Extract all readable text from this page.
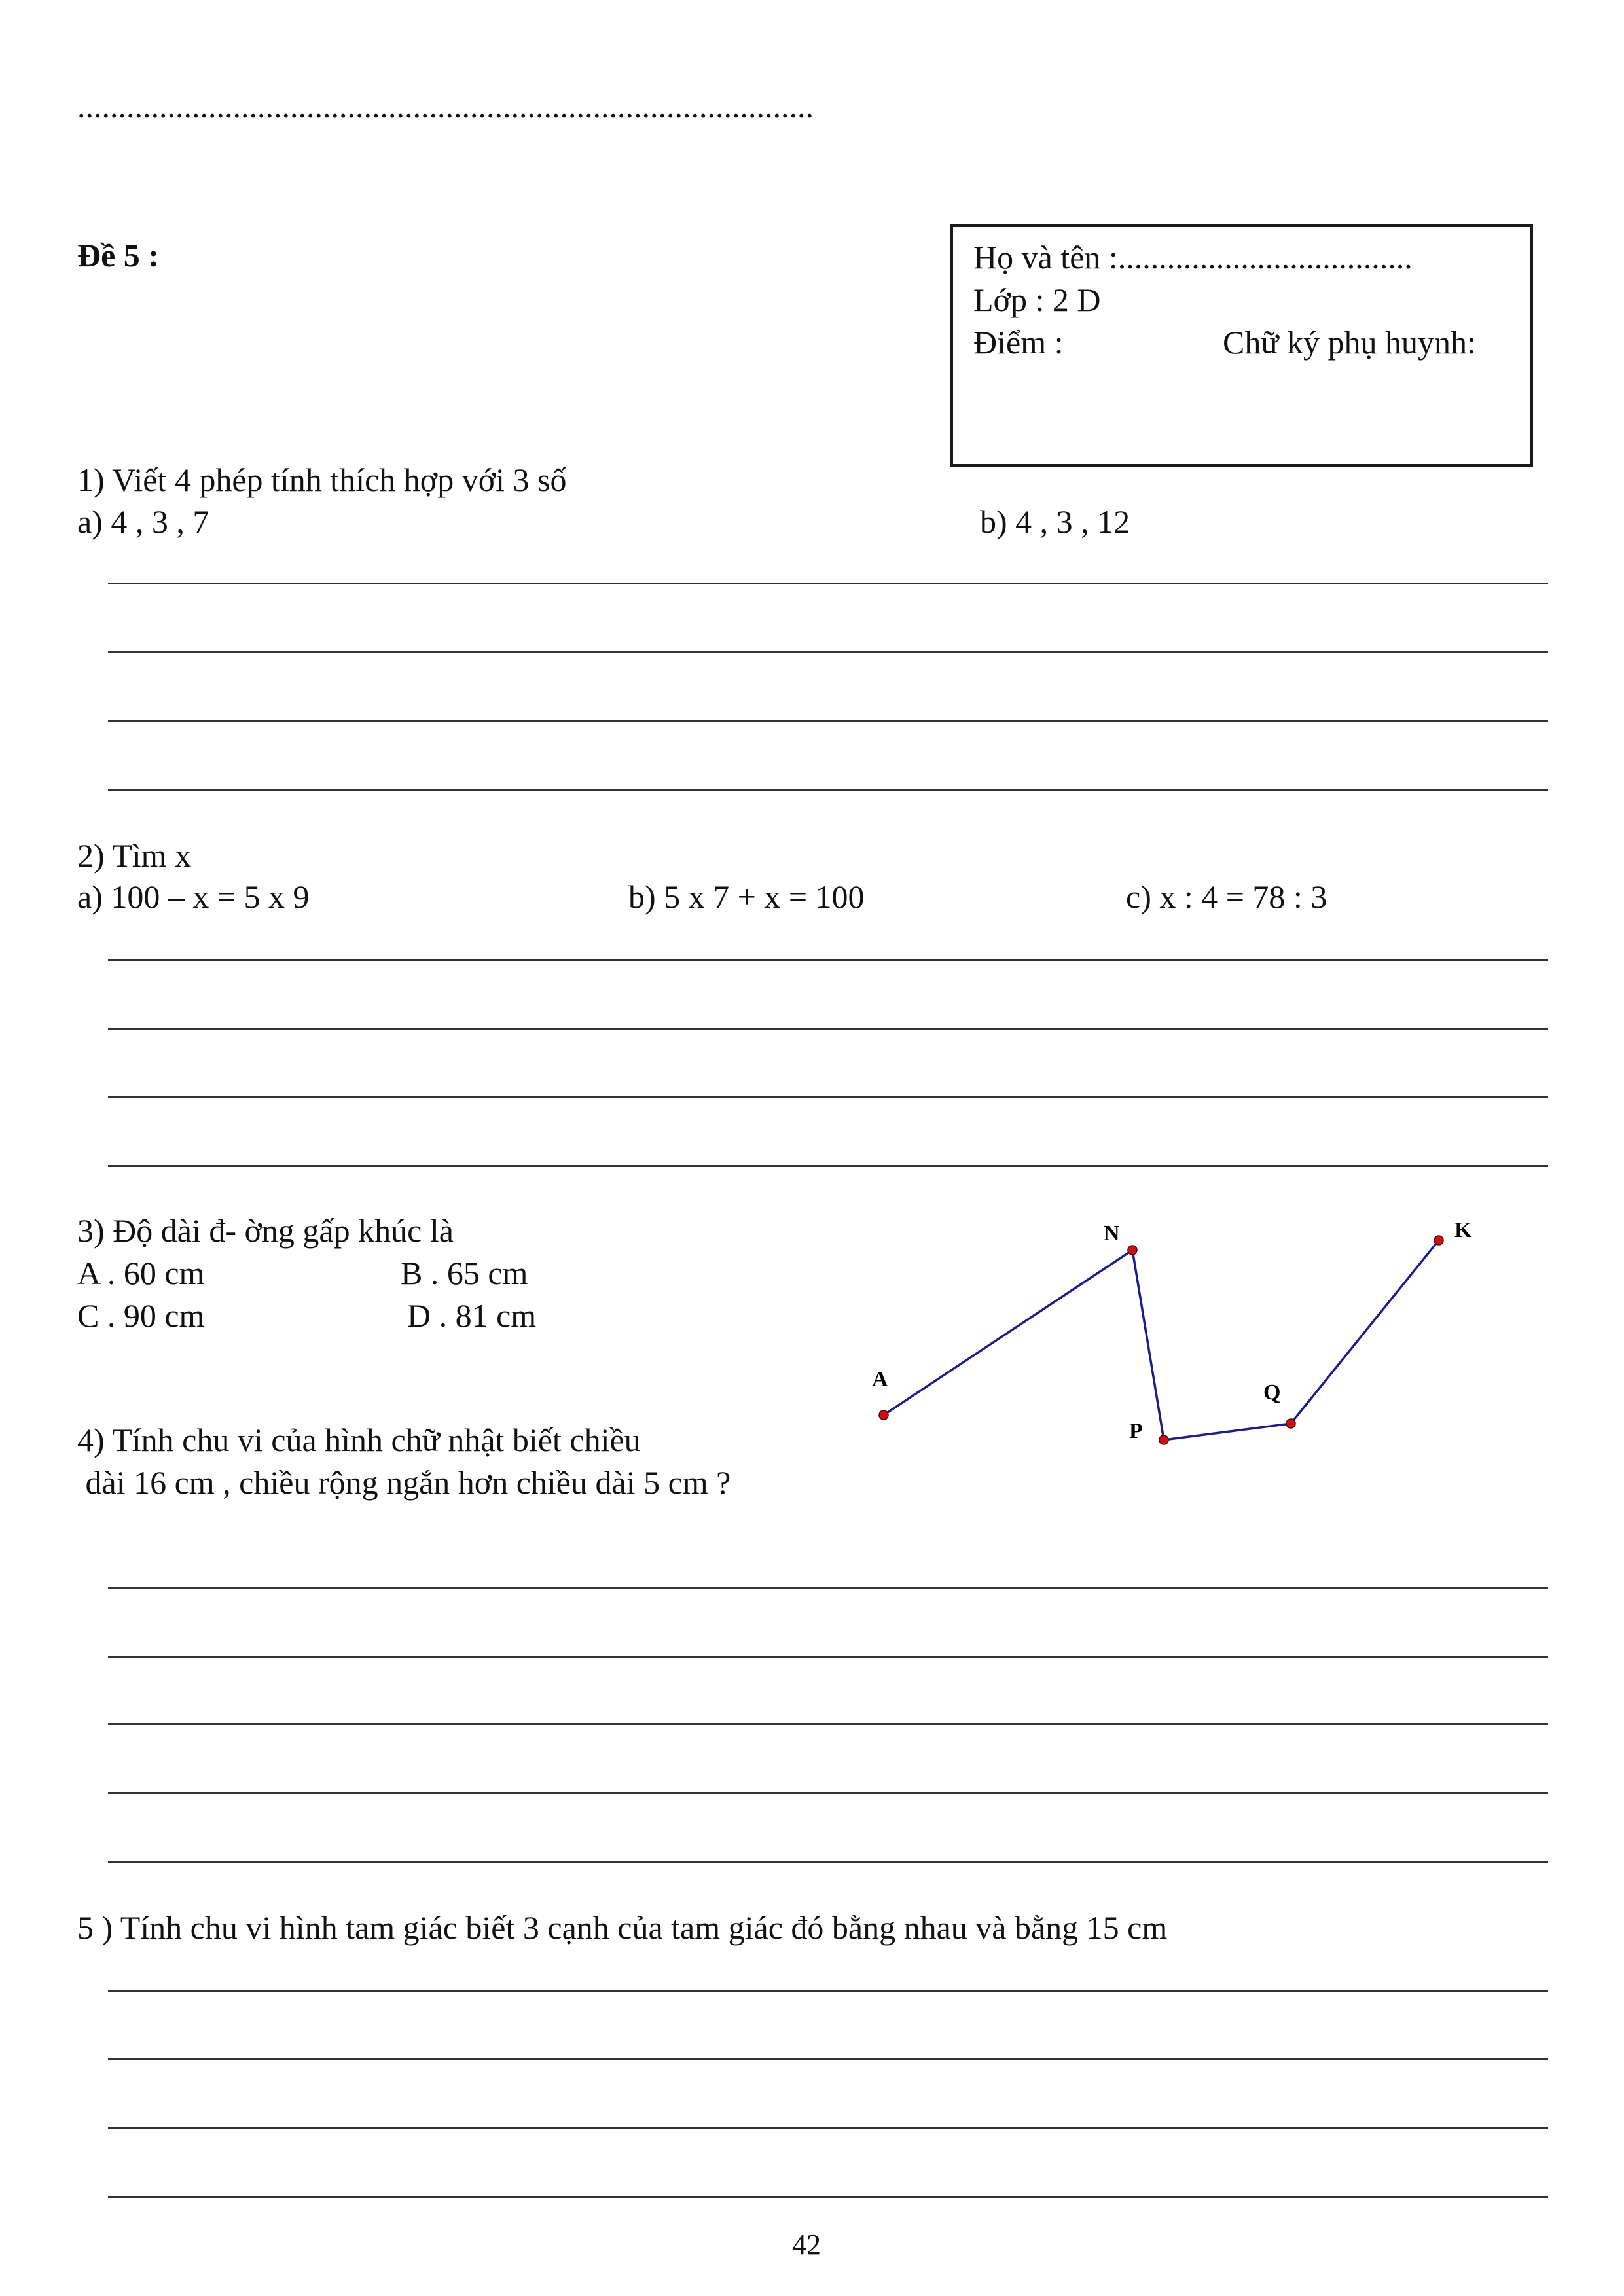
..........................................................................................
Đề 5 :	Họ và tên :....................................
Lớp : 2 D
Điểm :	Chữ ký phụ huynh:
1) Viết 4 phép tính thích hợp với 3 số
a) 4 , 3 , 7	b) 4 , 3 , 12
2) Tìm x
a) 100 – x = 5 x 9	b) 5 x 7 + x = 100	c) x : 4 = 78 : 3
3) Độ dài đ- ờng gấp khúc là
A . 60 cm	B . 65 cm
C . 90 cm	D . 81 cm
A
N
P
Q
K
4) Tính chu vi của hình chữ nhật biết chiều
dài 16 cm , chiều rộng ngắn hơn chiều dài 5 cm ?
5 ) Tính chu vi hình tam giác biết 3 cạnh của tam giác đó bằng nhau và bằng 15 cm
42
